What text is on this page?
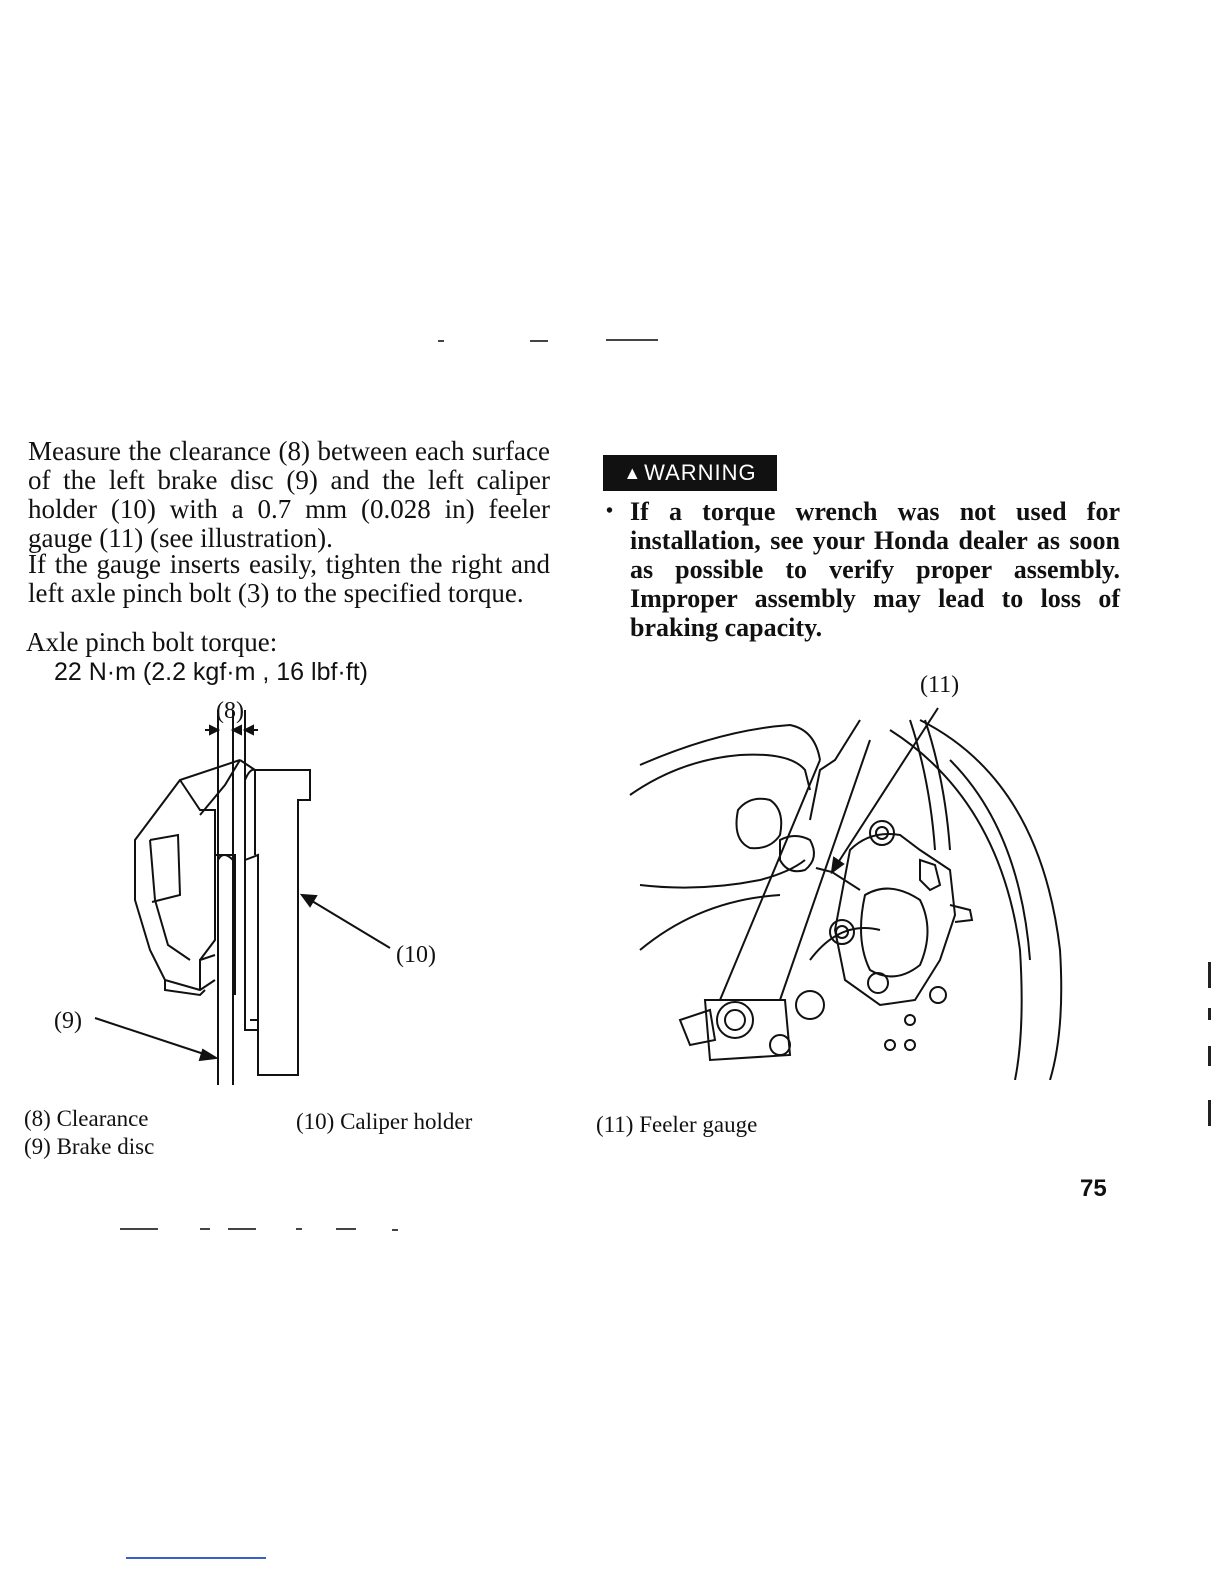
Measure the clearance (8) between each surface of the left brake disc (9) and the left caliper holder (10) with a 0.7 mm (0.028 in) feeler gauge (11) (see illustration).

If the gauge inserts easily, tighten the right and left axle pinch bolt (3) to the specified torque.

Axle pinch bolt torque:
22 N·m (2.2 kgf·m , 16 lbf·ft)
▲ WARNING
• If a torque wrench was not used for installation, see your Honda dealer as soon as possible to verify proper assembly. Improper assembly may lead to loss of braking capacity.
(8)
(10)
(9)
(11)
(8) Clearance
(9) Brake disc
(10) Caliper holder	(11) Feeler gauge
75
